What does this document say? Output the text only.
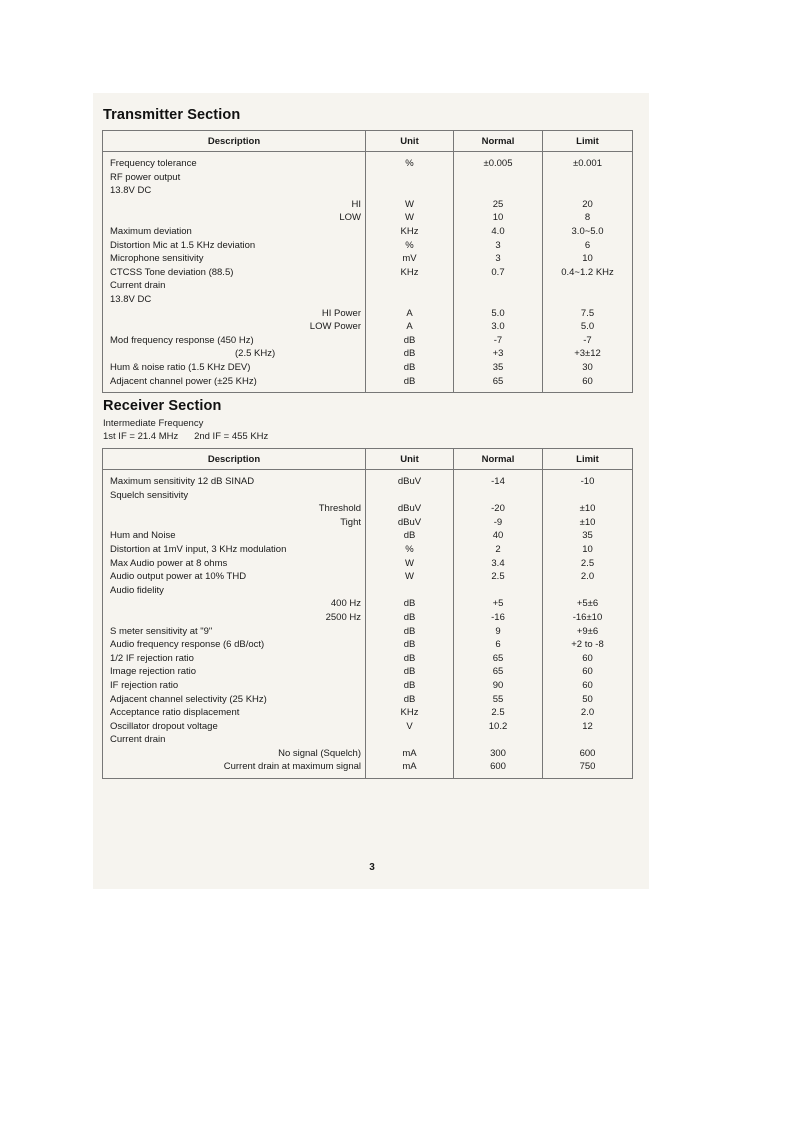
Transmitter Section
Description	Unit	Normal	Limit
Frequency tolerance	%	±0.005	±0.001
RF power output			
13.8V DC			
HI	W	25	20
LOW	W	10	8
Maximum deviation	KHz	4.0	3.0~5.0
Distortion Mic at 1.5 KHz deviation	%	3	6
Microphone sensitivity	mV	3	10
CTCSS Tone deviation (88.5)	KHz	0.7	0.4~1.2 KHz
Current drain			
13.8V DC			
HI Power	A	5.0	7.5
LOW Power	A	3.0	5.0
Mod frequency response (450 Hz)	dB	-7	-7
(2.5 KHz)	dB	+3	+3±12
Hum & noise ratio (1.5 KHz DEV)	dB	35	30
Adjacent channel power (±25 KHz)	dB	65	60
Receiver Section
Intermediate Frequency
1st IF = 21.4 MHz      2nd IF = 455 KHz
Description	Unit	Normal	Limit
Maximum sensitivity 12 dB SINAD	dBuV	-14	-10
Squelch sensitivity			
Threshold	dBuV	-20	±10
Tight	dBuV	-9	±10
Hum and Noise	dB	40	35
Distortion at 1mV input, 3 KHz modulation	%	2	10
Max Audio power at 8 ohms	W	3.4	2.5
Audio output power at 10% THD	W	2.5	2.0
Audio fidelity			
400 Hz	dB	+5	+5±6
2500 Hz	dB	-16	-16±10
S meter sensitivity at "9"	dB	9	+9±6
Audio frequency response (6 dB/oct)	dB	6	+2 to -8
1/2 IF rejection ratio	dB	65	60
Image rejection ratio	dB	65	60
IF rejection ratio	dB	90	60
Adjacent channel selectivity (25 KHz)	dB	55	50
Acceptance ratio displacement	KHz	2.5	2.0
Oscillator dropout voltage	V	10.2	12
Current drain			
No signal (Squelch)	mA	300	600
Current drain at maximum signal	mA	600	750
3
